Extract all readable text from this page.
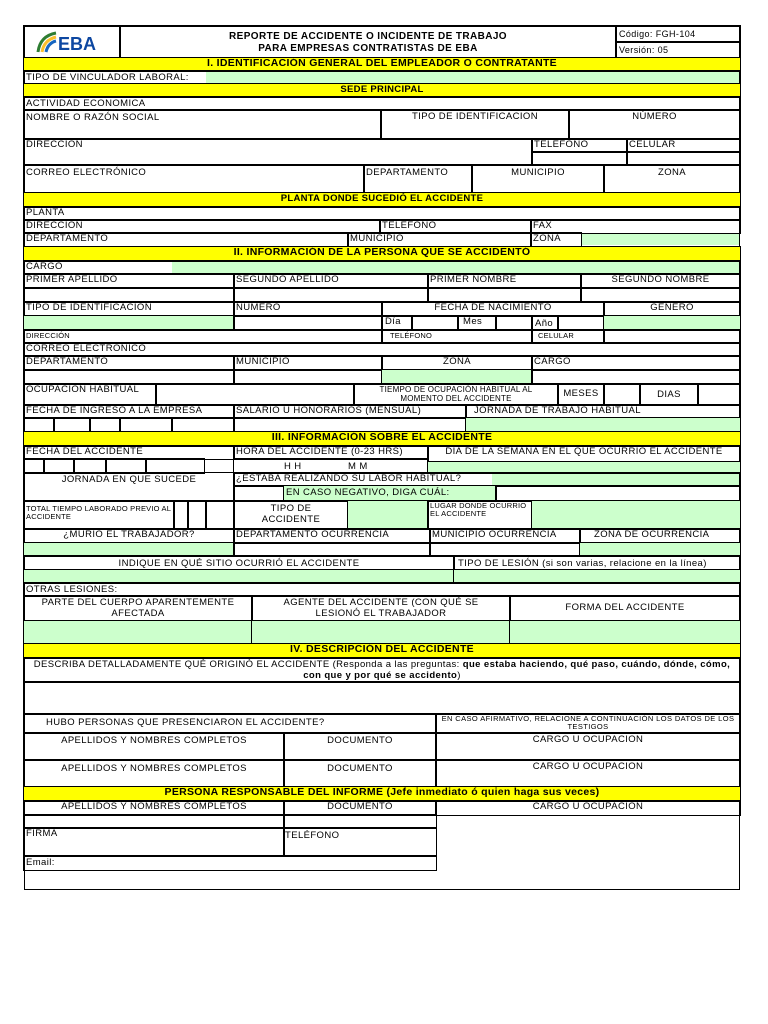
EBA	REPORTE DE ACCIDENTE O INCIDENTE DE TRABAJO
PARA EMPRESAS CONTRATISTAS DE EBA
Código: FGH-104
Versión: 05
I. IDENTIFICACIÓN GENERAL DEL EMPLEADOR O CONTRATANTE
TIPO DE VINCULADOR LABORAL:
SEDE PRINCIPAL
ACTIVIDAD ECONOMICA
NOMBRE O RAZÓN SOCIAL	TIPO DE IDENTIFICACION	NÚMERO
DIRECCIÓN	TELÉFONO	CELULAR
CORREO ELECTRÓNICO	DEPARTAMENTO	MUNICIPIO	ZONA
PLANTA DONDE SUCEDIÓ EL ACCIDENTE
PLANTA
DIRECCIÓN	TELÉFONO	FAX
DEPARTAMENTO	MUNICIPIO	ZONA
II. INFORMACIÓN DE LA PERSONA QUE SE ACCIDENTÓ
CARGO
PRIMER APELLIDO	SEGUNDO APELLIDO	PRIMER NOMBRE	SEGUNDO NOMBRE
TIPO DE IDENTIFICACIÓN	NÚMERO	FECHA DE NACIMIENTO	GENERO
Día	Mes	Año
DIRECCIÓN	TELÉFONO	CELULAR
CORREO ELECTRONICO
DEPARTAMENTO	MUNICIPIO	ZONA	CARGO
OCUPACIÓN HABITUAL	TIEMPO DE OCUPACIÓN HABITUAL AL MOMENTO DEL ACCIDENTE	MESES	DIAS
FECHA DE INGRESO A LA EMPRESA	SALARIO U HONORARIOS (MENSUAL)	JORNADA DE TRABAJO HABITUAL
III. INFORMACIÓN SOBRE EL ACCIDENTE
FECHA DEL ACCIDENTE	HORA DEL ACCIDENTE (0-23 HRS)	DIA DE LA SEMANA EN EL QUE OCURRIÓ EL ACCIDENTE
H H	M M
JORNADA EN QUE SUCEDE	¿ESTABA REALIZANDO SU LABOR HABITUAL?
EN CASO NEGATIVO, DIGA CUÁL:
TOTAL TIEMPO LABORADO PREVIO AL ACCIDENTE
TIPO DE ACCIDENTE
LUGAR DONDE OCURRIO EL ACCIDENTE
¿MURIÓ EL TRABAJADOR?	DEPARTAMENTO OCURRENCIA	MUNICIPIO OCURRENCIA	ZONA DE OCURRENCIA
INDIQUE EN QUÉ SITIO OCURRIÓ EL ACCIDENTE	TIPO DE LESIÓN (si son varias, relacione en la línea)
OTRAS LESIONES:
PARTE DEL CUERPO APARENTEMENTE AFECTADA
AGENTE DEL ACCIDENTE (CON QUÉ SE LESIONÓ EL TRABAJADOR
FORMA DEL ACCIDENTE
IV. DESCRIPCIÓN DEL ACCIDENTE
DESCRIBA DETALLADAMENTE QUÉ ORIGINÓ EL ACCIDENTE (Responda a las preguntas: que estaba haciendo, qué paso, cuándo, dónde, cómo, con que y por qué se accidento)
HUBO PERSONAS QUE PRESENCIARON EL ACCIDENTE?	EN CASO AFIRMATIVO, RELACIONE A CONTINUACIÓN LOS DATOS DE LOS TESTIGOS
APELLIDOS Y NOMBRES COMPLETOS	DOCUMENTO	CARGO U OCUPACION
APELLIDOS Y NOMBRES COMPLETOS	DOCUMENTO	CARGO U OCUPACION
PERSONA RESPONSABLE DEL INFORME (Jefe inmediato ó quien haga sus veces)
APELLIDOS Y NOMBRES COMPLETOS	DOCUMENTO	CARGO U OCUPACIÓN
FIRMA	TELÉFONO
Email:
